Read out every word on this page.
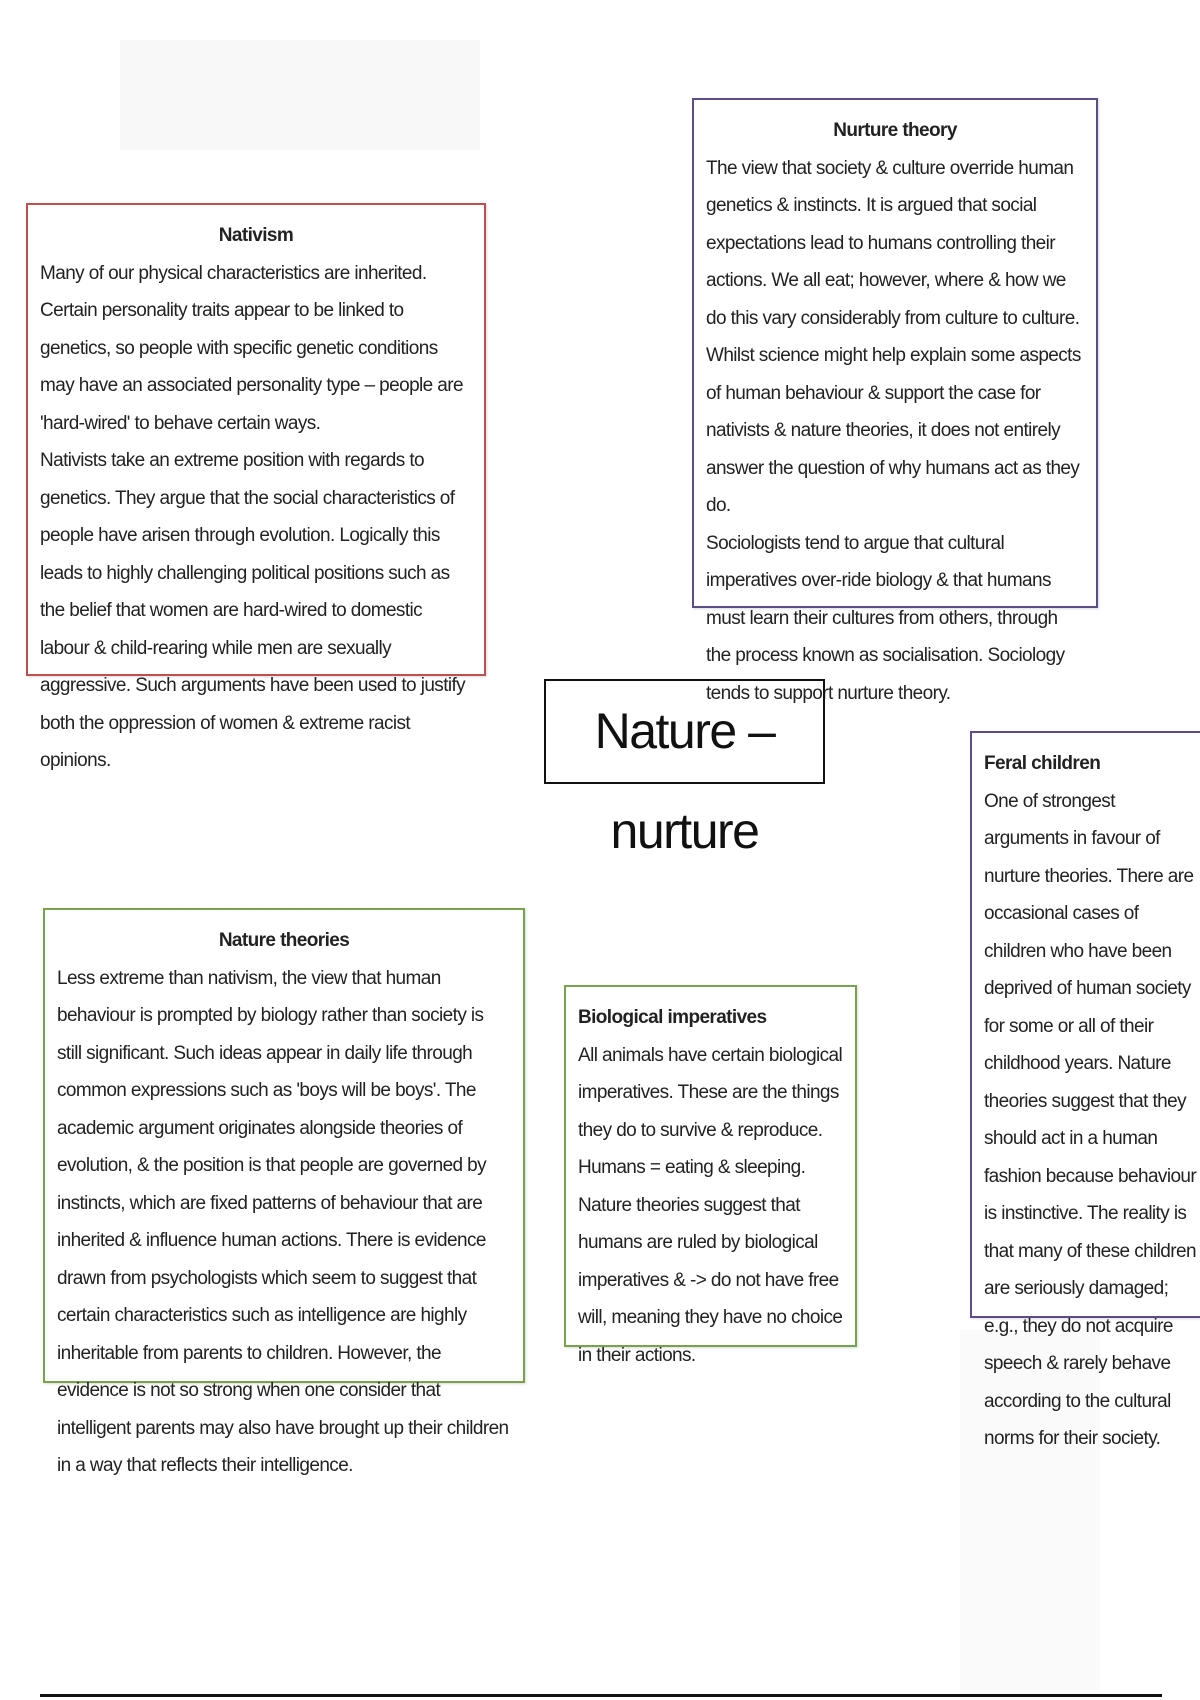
Nativism
Many of our physical characteristics are inherited. Certain personality traits appear to be linked to genetics, so people with specific genetic conditions may have an associated personality type – people are 'hard-wired' to behave certain ways.
Nativists take an extreme position with regards to genetics. They argue that the social characteristics of people have arisen through evolution. Logically this leads to highly challenging political positions such as the belief that women are hard-wired to domestic labour & child-rearing while men are sexually aggressive. Such arguments have been used to justify both the oppression of women & extreme racist opinions.
Nurture theory
The view that society & culture override human genetics & instincts. It is argued that social expectations lead to humans controlling their actions. We all eat; however, where & how we do this vary considerably from culture to culture. Whilst science might help explain some aspects of human behaviour & support the case for nativists & nature theories, it does not entirely answer the question of why humans act as they do.
Sociologists tend to argue that cultural imperatives over-ride biology & that humans must learn their cultures from others, through the process known as socialisation. Sociology tends to support nurture theory.
Nature – nurture
Feral children
One of strongest arguments in favour of nurture theories. There are occasional cases of children who have been deprived of human society for some or all of their childhood years. Nature theories suggest that they should act in a human fashion because behaviour is instinctive. The reality is that many of these children are seriously damaged; e.g., they do not acquire speech & rarely behave according to the cultural norms for their society.
Nature theories
Less extreme than nativism, the view that human behaviour is prompted by biology rather than society is still significant. Such ideas appear in daily life through common expressions such as 'boys will be boys'. The academic argument originates alongside theories of evolution, & the position is that people are governed by instincts, which are fixed patterns of behaviour that are inherited & influence human actions. There is evidence drawn from psychologists which seem to suggest that certain characteristics such as intelligence are highly inheritable from parents to children. However, the evidence is not so strong when one consider that intelligent parents may also have brought up their children in a way that reflects their intelligence.
Biological imperatives
All animals have certain biological imperatives. These are the things they do to survive & reproduce. Humans = eating & sleeping. Nature theories suggest that humans are ruled by biological imperatives & -> do not have free will, meaning they have no choice in their actions.
